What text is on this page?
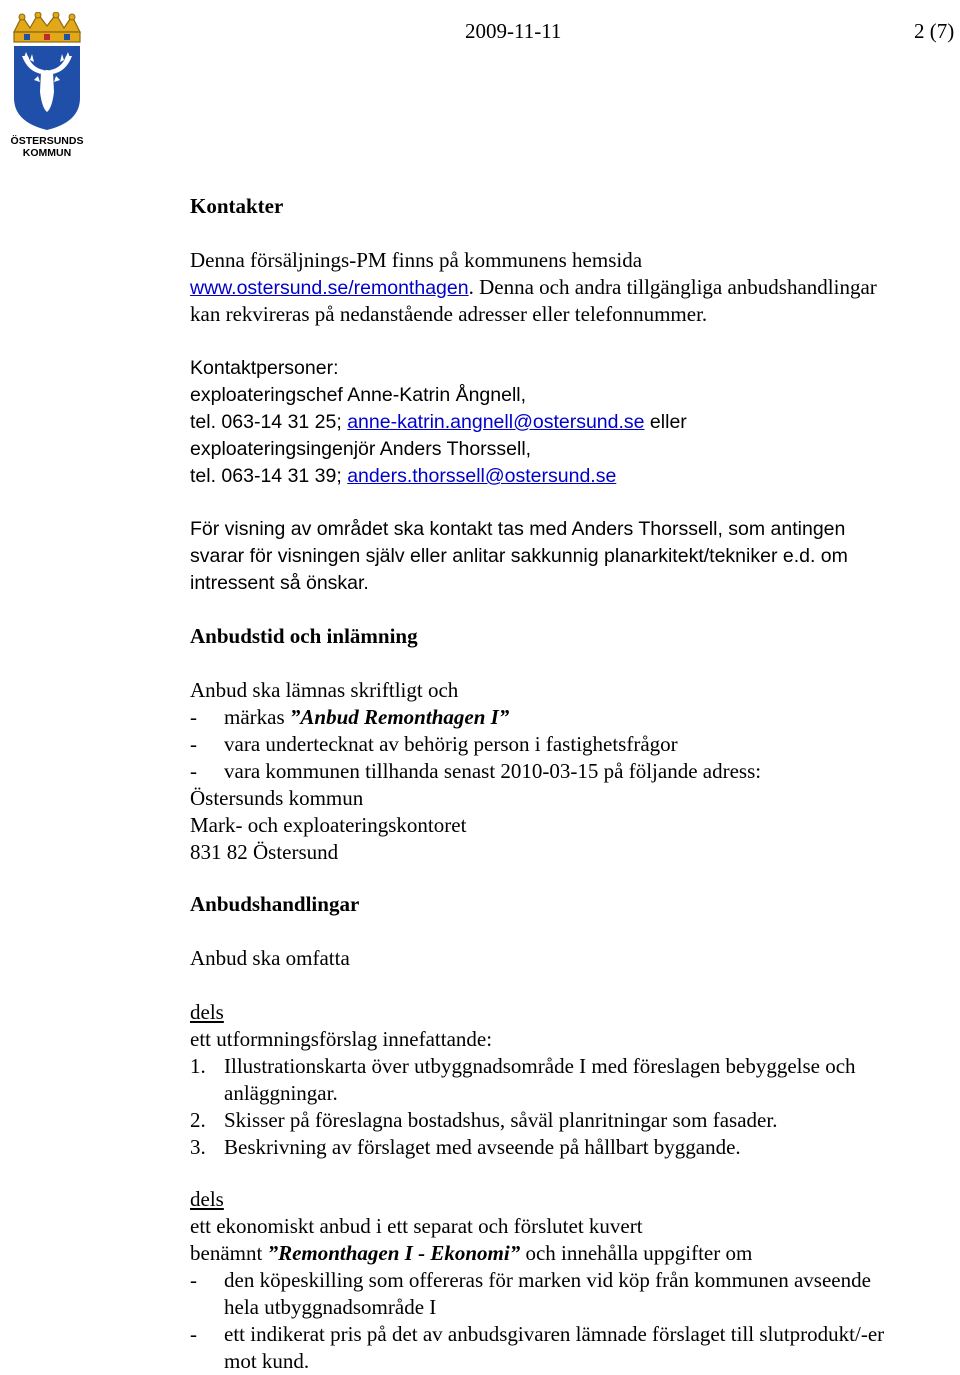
ÖSTERSUNDS
KOMMUN
2009-11-11	2 (7)
Kontakter
Denna försäljnings-PM finns på kommunens hemsida
www.ostersund.se/remonthagen. Denna och andra tillgängliga anbudshandlingar
kan rekvireras på nedanstående adresser eller telefonnummer.
Kontaktpersoner:
exploateringschef Anne-Katrin Ångnell,
tel. 063-14 31 25; anne-katrin.angnell@ostersund.se eller
exploateringsingenjör Anders Thorssell,
tel. 063-14 31 39; anders.thorssell@ostersund.se
För visning av området ska kontakt tas med Anders Thorssell, som antingen
svarar för visningen själv eller anlitar sakkunnig planarkitekt/tekniker e.d. om
intressent så önskar.
Anbudstid och inlämning
Anbud ska lämnas skriftligt och
- märkas ”Anbud Remonthagen I”
- vara undertecknat av behörig person i fastighetsfrågor
- vara kommunen tillhanda senast 2010-03-15 på följande adress:
Östersunds kommun
Mark- och exploateringskontoret
831 82 Östersund
Anbudshandlingar
Anbud ska omfatta
dels
ett utformningsförslag innefattande:
1. Illustrationskarta över utbyggnadsområde I med föreslagen bebyggelse och
anläggningar.
2. Skisser på föreslagna bostadshus, såväl planritningar som fasader.
3. Beskrivning av förslaget med avseende på hållbart byggande.
dels
ett ekonomiskt anbud i ett separat och förslutet kuvert
benämnt ”Remonthagen I - Ekonomi” och innehålla uppgifter om
- den köpeskilling som offereras för marken vid köp från kommunen avseende
hela utbyggnadsområde I
- ett indikerat pris på det av anbudsgivaren lämnade förslaget till slutprodukt/-er
mot kund.
